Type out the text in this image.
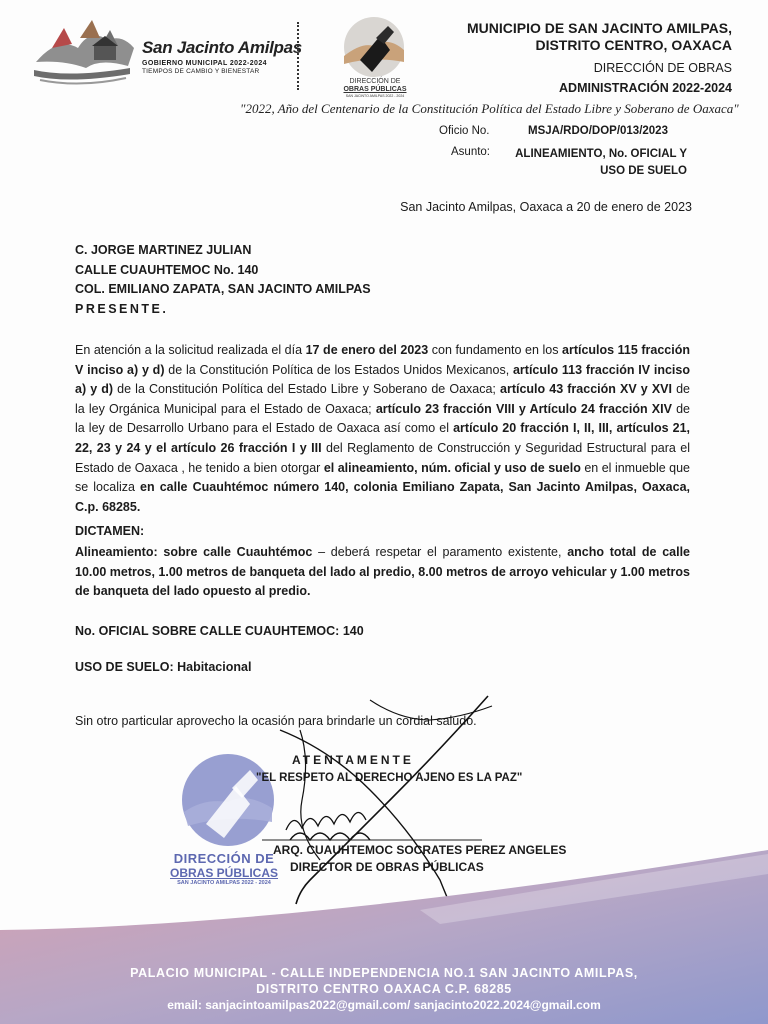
San Jacinto Amilpas
GOBIERNO MUNICIPAL 2022-2024
TIEMPOS DE CAMBIO Y BIENESTAR
DIRECCIÓN DE
OBRAS PÚBLICAS
SAN JACINTO AMILPAS 2022 - 2024
MUNICIPIO DE SAN JACINTO AMILPAS,
DISTRITO CENTRO, OAXACA
DIRECCIÓN DE OBRAS
ADMINISTRACIÓN 2022-2024
"2022, Año del Centenario de la Constitución Política del Estado Libre y Soberano de Oaxaca"
Oficio No.	MSJA/RDO/DOP/013/2023
Asunto: ALINEAMIENTO, No. OFICIAL Y
USO DE SUELO
San Jacinto Amilpas, Oaxaca a 20 de enero de 2023
C. JORGE MARTINEZ JULIAN
CALLE CUAUHTEMOC No. 140
COL. EMILIANO ZAPATA, SAN JACINTO AMILPAS
PRESENTE.
En atención a la solicitud realizada el día 17 de enero del 2023 con fundamento en los artículos 115 fracción V inciso a) y d) de la Constitución Política de los Estados Unidos Mexicanos, artículo 113 fracción IV inciso a) y d) de la Constitución Política del Estado Libre y Soberano de Oaxaca; artículo 43 fracción XV y XVI de la ley Orgánica Municipal para el Estado de Oaxaca; artículo 23 fracción VIII y Artículo 24 fracción XIV de la ley de Desarrollo Urbano para el Estado de Oaxaca así como el artículo 20 fracción I, II, III, artículos 21, 22, 23 y 24 y el artículo 26 fracción I y III del Reglamento de Construcción y Seguridad Estructural para el Estado de Oaxaca , he tenido a bien otorgar el alineamiento, núm. oficial y uso de suelo en el inmueble que se localiza en calle Cuauhtémoc número 140, colonia Emiliano Zapata, San Jacinto Amilpas, Oaxaca, C.p. 68285.
DICTAMEN:
Alineamiento: sobre calle Cuauhtémoc – deberá respetar el paramento existente, ancho total de calle 10.00 metros, 1.00 metros de banqueta del lado al predio, 8.00 metros de arroyo vehicular y 1.00 metros de banqueta del lado opuesto al predio.
No. OFICIAL SOBRE CALLE CUAUHTEMOC: 140
USO DE SUELO: Habitacional
Sin otro particular aprovecho la ocasión para brindarle un cordial saludo.
DIRECCIÓN DE
OBRAS PÚBLICAS
SAN JACINTO AMILPAS 2022 - 2024
ATENTAMENTE
"EL RESPETO AL DERECHO AJENO ES LA PAZ"
ARQ. CUAUHTEMOC SOCRATES PEREZ ANGELES
DIRECTOR DE OBRAS PÚBLICAS
PALACIO MUNICIPAL - CALLE INDEPENDENCIA NO.1 SAN JACINTO AMILPAS,
DISTRITO CENTRO OAXACA C.P. 68285
email: sanjacintoamilpas2022@gmail.com/ sanjacinto2022.2024@gmail.com
